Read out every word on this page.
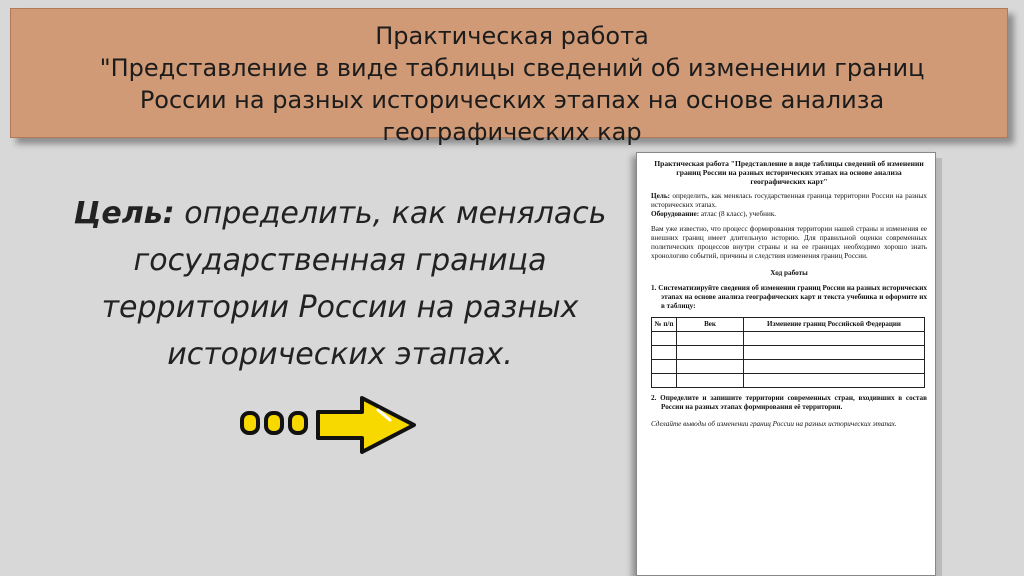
Практическая работа
"Представление в виде таблицы сведений об изменении границ
России на разных исторических этапах на основе анализа
географических кар
Цель: определить, как менялась
государственная граница
территории России на разных
исторических этапах.
Практическая работа "Представление в виде таблицы сведений об изменении границ России на разных исторических этапах на основе анализа географических карт"
Цель: определить, как менялась государственная граница территории России на разных исторических этапах.
Оборудование: атлас (8 класс), учебник.
Вам уже известно, что процесс формирования территории нашей страны и изменения ее внешних границ имеет длительную историю. Для правильной оценки современных политических процессов внутри страны и на ее границах необходимо хорошо знать хронологию событий, причины и следствия изменения границ России.
Ход работы
1. Систематизируйте сведения об изменении границ России на разных исторических этапах на основе анализа географических карт и текста учебника и оформите их в таблицу:
№ п/п	Век	Изменение границ Российской Федерации

2. Определите и запишите территории современных стран, входивших в состав России на разных этапах формирования её территории.
Сделайте выводы об изменении границ России на разных исторических этапах.
